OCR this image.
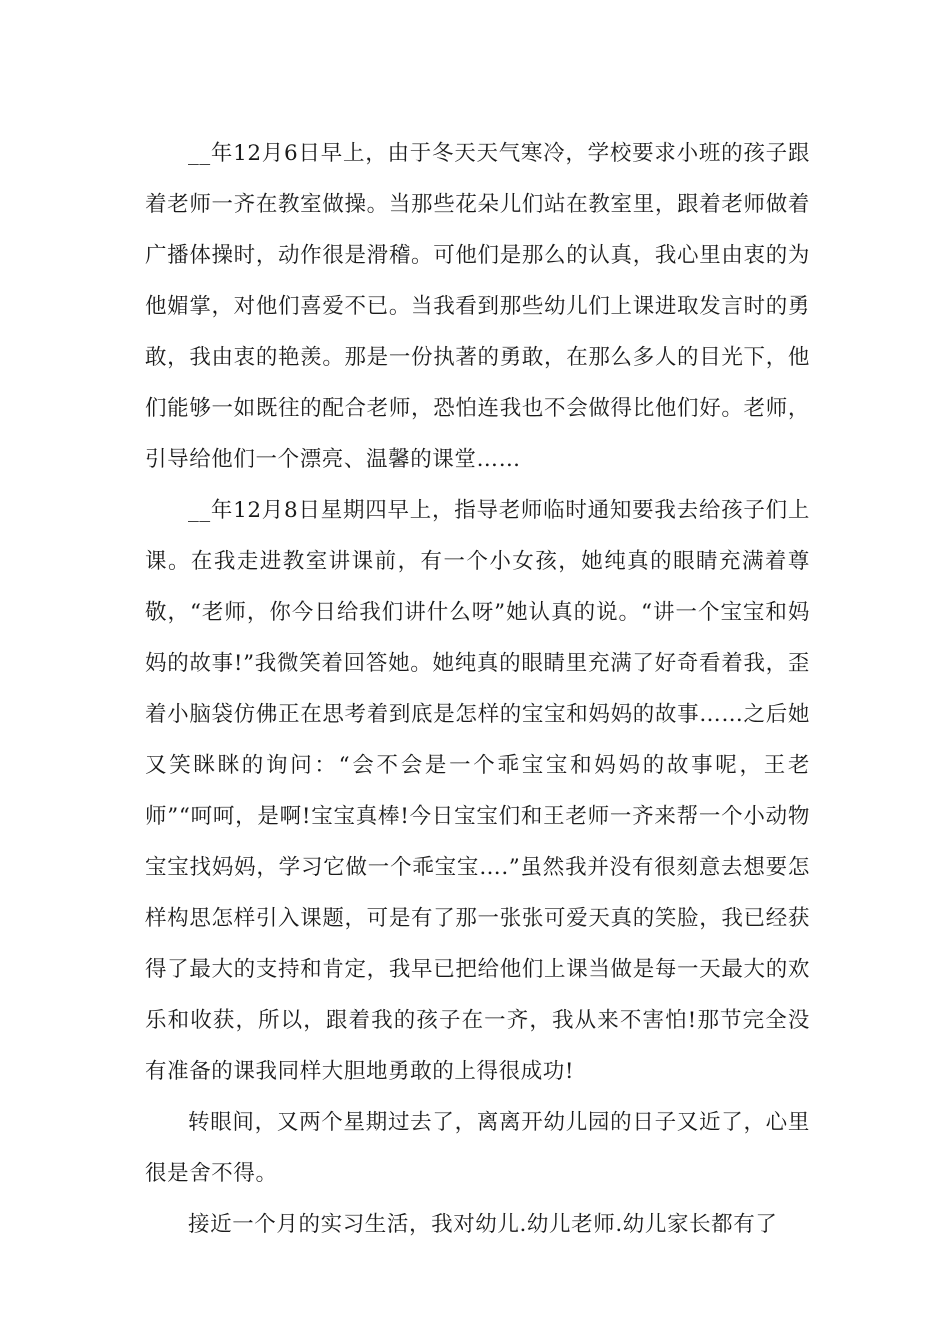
__年12月6日早上，由于冬天天气寒冷，学校要求小班的孩子跟着老师一齐在教室做操。当那些花朵儿们站在教室里，跟着老师做着广播体操时，动作很是滑稽。可他们是那么的认真，我心里由衷的为他媚掌，对他们喜爱不已。当我看到那些幼儿们上课进取发言时的勇敢，我由衷的艳羡。那是一份执著的勇敢，在那么多人的目光下，他们能够一如既往的配合老师，恐怕连我也不会做得比他们好。老师，引导给他们一个漂亮、温馨的课堂……

__年12月8日星期四早上，指导老师临时通知要我去给孩子们上课。在我走进教室讲课前，有一个小女孩，她纯真的眼睛充满着尊敬，“老师，你今日给我们讲什么呀”她认真的说。“讲一个宝宝和妈妈的故事!”我微笑着回答她。她纯真的眼睛里充满了好奇看着我，歪着小脑袋仿佛正在思考着到底是怎样的宝宝和妈妈的故事……之后她又笑眯眯的询问：“会不会是一个乖宝宝和妈妈的故事呢，王老师”“呵呵，是啊!宝宝真棒!今日宝宝们和王老师一齐来帮一个小动物宝宝找妈妈，学习它做一个乖宝宝….”虽然我并没有很刻意去想要怎样构思怎样引入课题，可是有了那一张张可爱天真的笑脸，我已经获得了最大的支持和肯定，我早已把给他们上课当做是每一天最大的欢乐和收获，所以，跟着我的孩子在一齐，我从来不害怕!那节完全没有准备的课我同样大胆地勇敢的上得很成功!

转眼间，又两个星期过去了，离离开幼儿园的日子又近了，心里很是舍不得。

接近一个月的实习生活，我对幼儿.幼儿老师.幼儿家长都有了
